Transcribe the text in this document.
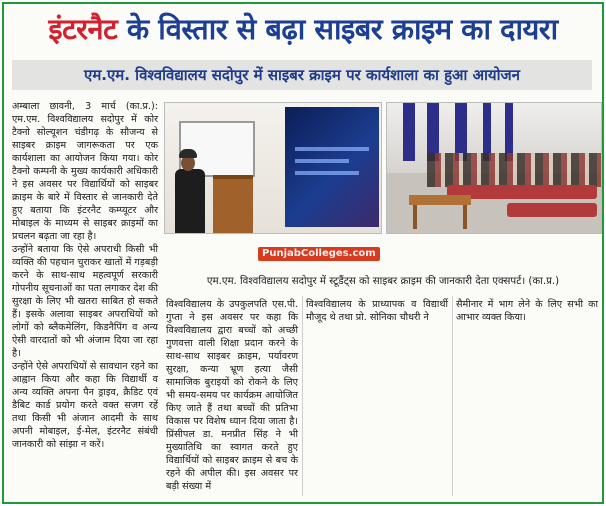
इंटरनैट के विस्तार से बढ़ा साइबर क्राइम का दायरा
एम.एम. विश्वविद्यालय सदोपुर में साइबर क्राइम पर कार्यशाला का हुआ आयोजन

अम्बाला छावनी, 3 मार्च (का.प्र.): एम.एम. विश्वविद्यालय सदोपुर में कोर टैक्नो सोल्यूशन चंडीगढ़ के सौजन्य से साइबर क्राइम जागरूकता पर एक कार्यशाला का आयोजन किया गया। कोर टैक्नो कम्पनी के मुख्य कार्यकारी अधिकारी ने इस अवसर पर विद्यार्थियों को साइबर क्राइम के बारे में विस्तार से जानकारी देते हुए बताया कि इंटरनैट कम्प्यूटर और मोबाइल के माध्यम से साइबर क्राइमों का प्रचलन बढ़ता जा रहा है।

उन्होंने बताया कि ऐसे अपराधी किसी भी व्यक्ति की पहचान चुराकर खातों में गड़बड़ी करने के साथ-साथ महत्वपूर्ण सरकारी गोपनीय सूचनाओं का पता लगाकर देश की सुरक्षा के लिए भी खतरा साबित हो सकते हैं। इसके अलावा साइबर अपराधियों को लोगों को ब्लैकमेलिंग, किडनैपिंग व अन्य ऐसी वारदातों को भी अंजाम दिया जा रहा है।

उन्होंने ऐसे अपराधियों से सावधान रहने का आह्वान किया और कहा कि विद्यार्थी व अन्य व्यक्ति अपना पैन ड्राइव, क्रैडिट एवं डैबिट कार्ड प्रयोग करते वक्त सजग रहें तथा किसी भी अंजान आदमी के साथ अपनी मोबाइल, ई-मेल, इंटरनैट संबंधी जानकारी को सांझा न करें।

PunjabColleges.com
एम.एम. विश्वविद्यालय सदोपुर में स्टूडैंट्स को साइबर क्राइम की जानकारी देता एक्सपर्ट। (का.प्र.)
विश्वविद्यालय के उपकुलपति एस.पी. गुप्ता ने इस अवसर पर कहा कि विश्वविद्यालय द्वारा बच्चों को अच्छी गुणवत्ता वाली शिक्षा प्रदान करने के साथ-साथ साइबर क्राइम, पर्यावरण सुरक्षा, कन्या भ्रूण हत्या जैसी सामाजिक बुराइयों को रोकने के लिए भी समय-समय पर कार्यक्रम आयोजित किए जाते हैं तथा बच्चों की प्रतिभा विकास पर विशेष ध्यान दिया जाता है। प्रिंसीपल डा. मनप्रीत सिंह ने भी मुख्यातिथि का स्वागत करते हुए विद्यार्थियों को साइबर क्राइम से बच के रहने की अपील की। इस अवसर पर बड़ी संख्या में
विश्वविद्यालय के प्राध्यापक व विद्यार्थी मौजूद थे तथा प्रो. सोनिका चौधरी ने
सैमीनार में भाग लेने के लिए सभी का आभार व्यक्त किया।
